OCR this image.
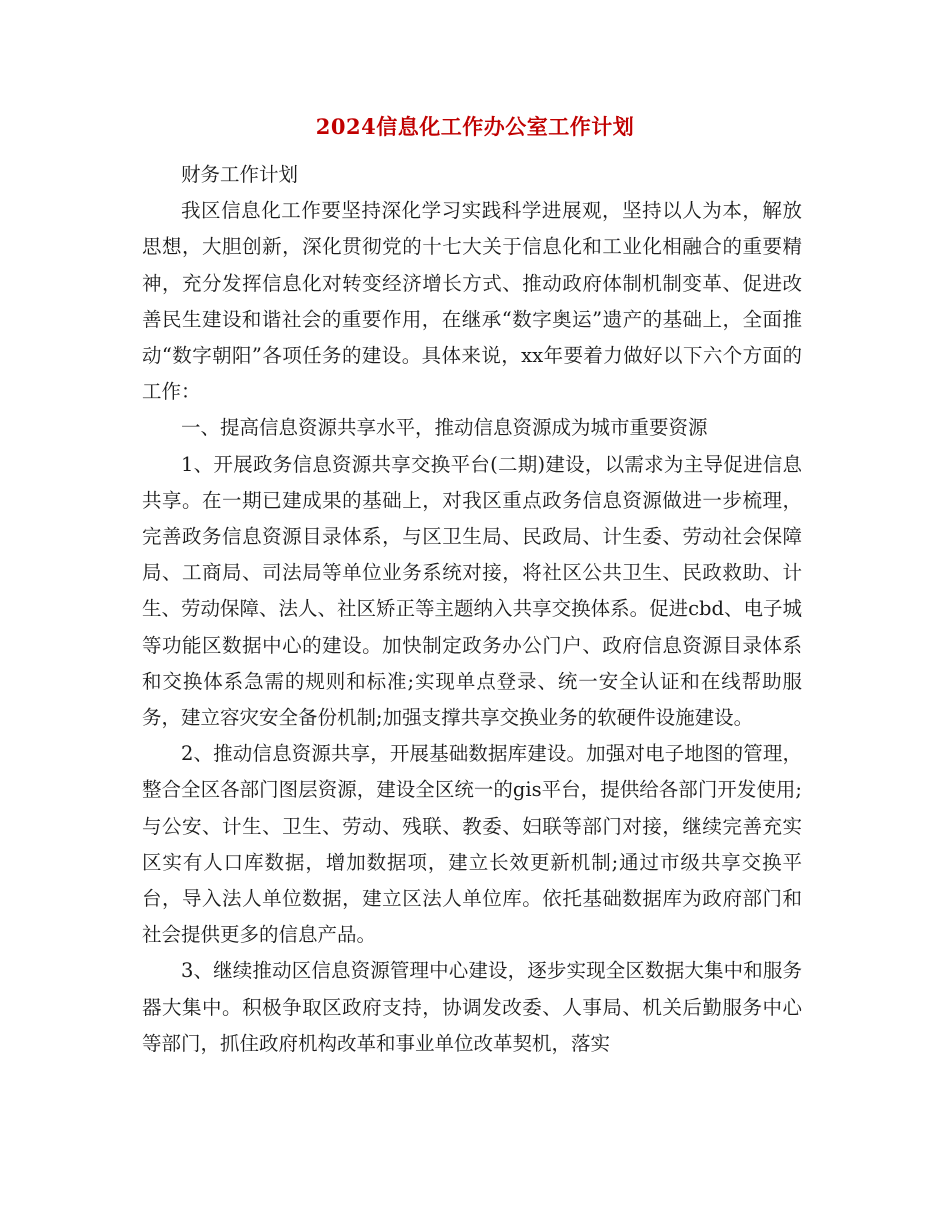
2024信息化工作办公室工作计划

财务工作计划

我区信息化工作要坚持深化学习实践科学进展观，坚持以人为本，解放思想，大胆创新，深化贯彻党的十七大关于信息化和工业化相融合的重要精神，充分发挥信息化对转变经济增长方式、推动政府体制机制变革、促进改善民生建设和谐社会的重要作用，在继承“数字奥运”遗产的基础上，全面推动“数字朝阳”各项任务的建设。具体来说，xx年要着力做好以下六个方面的工作：

一、提高信息资源共享水平，推动信息资源成为城市重要资源

1、开展政务信息资源共享交换平台(二期)建设，以需求为主导促进信息共享。在一期已建成果的基础上，对我区重点政务信息资源做进一步梳理，完善政务信息资源目录体系，与区卫生局、民政局、计生委、劳动社会保障局、工商局、司法局等单位业务系统对接，将社区公共卫生、民政救助、计生、劳动保障、法人、社区矫正等主题纳入共享交换体系。促进cbd、电子城等功能区数据中心的建设。加快制定政务办公门户、政府信息资源目录体系和交换体系急需的规则和标准;实现单点登录、统一安全认证和在线帮助服务，建立容灾安全备份机制;加强支撑共享交换业务的软硬件设施建设。

2、推动信息资源共享，开展基础数据库建设。加强对电子地图的管理，整合全区各部门图层资源，建设全区统一的gis平台，提供给各部门开发使用;与公安、计生、卫生、劳动、残联、教委、妇联等部门对接，继续完善充实区实有人口库数据，增加数据项，建立长效更新机制;通过市级共享交换平台，导入法人单位数据，建立区法人单位库。依托基础数据库为政府部门和社会提供更多的信息产品。

3、继续推动区信息资源管理中心建设，逐步实现全区数据大集中和服务器大集中。积极争取区政府支持，协调发改委、人事局、机关后勤服务中心等部门，抓住政府机构改革和事业单位改革契机，落实
